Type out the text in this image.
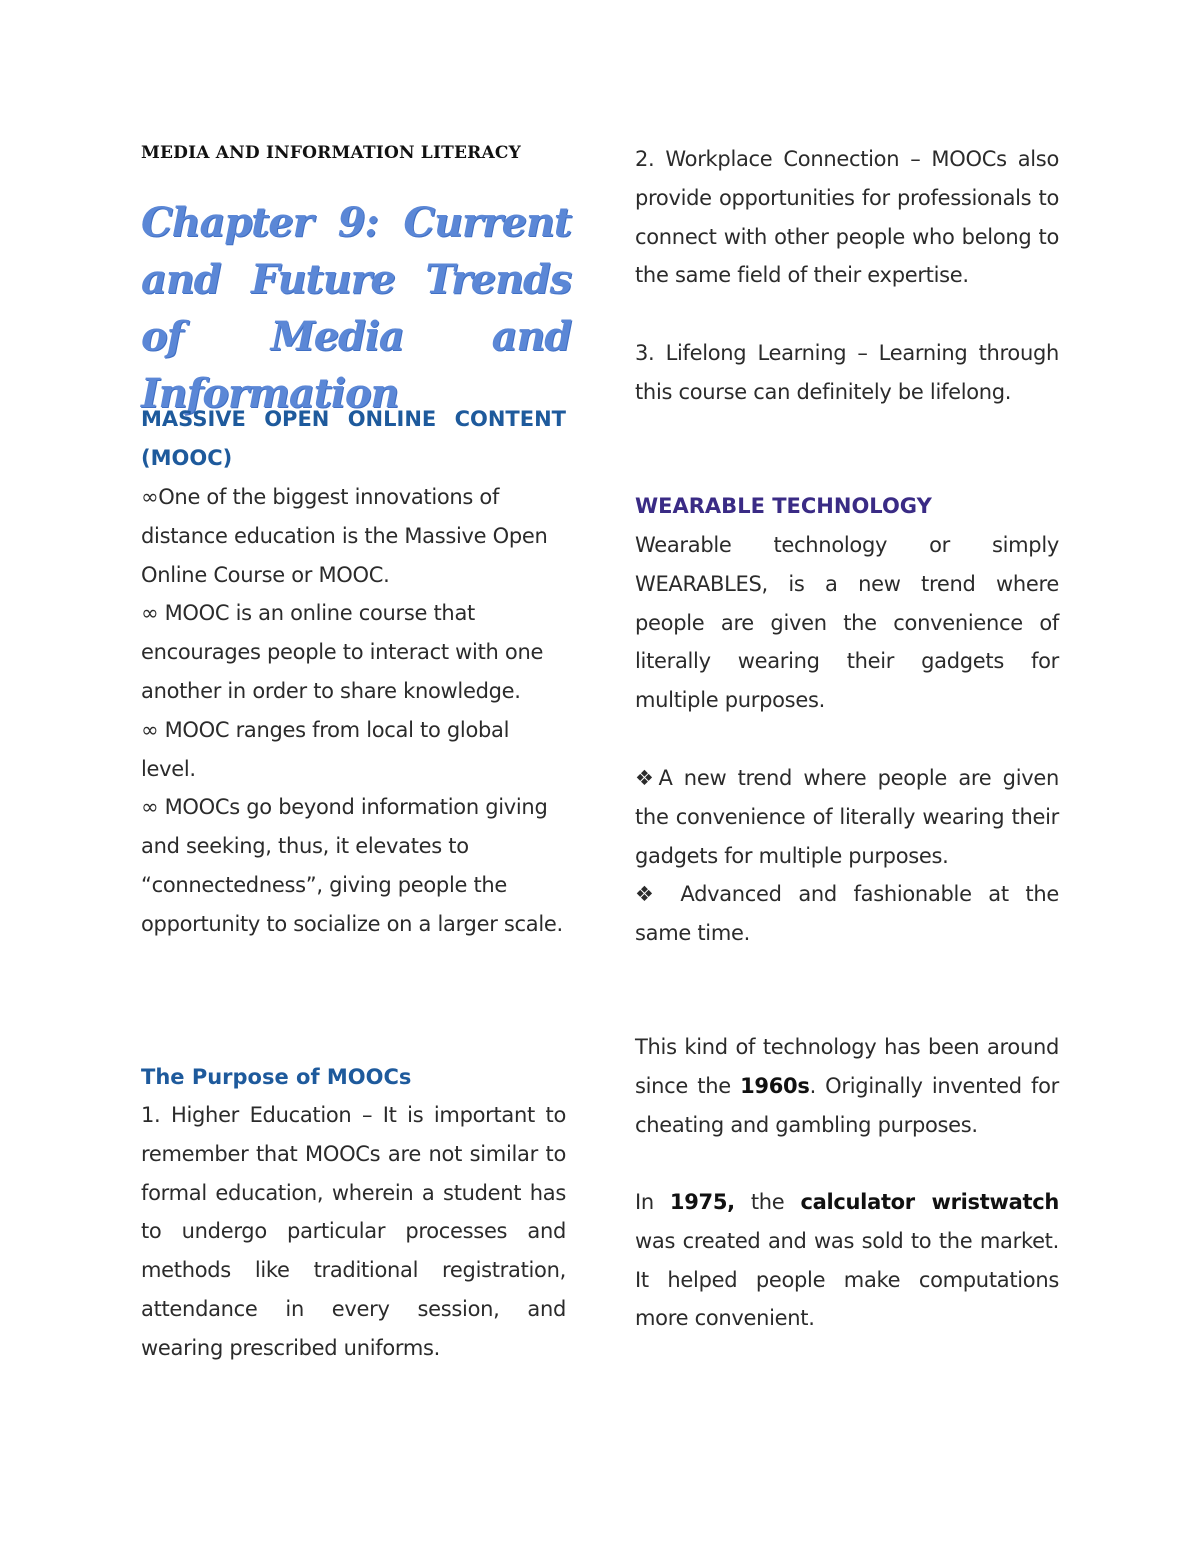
MEDIA AND INFORMATION LITERACY
Chapter 9: Current and Future Trends of Media and Information
MASSIVE OPEN ONLINE CONTENT (MOOC)

∞One of the biggest innovations of distance education is the Massive Open Online Course or MOOC.

∞ MOOC is an online course that encourages people to interact with one another in order to share knowledge.

∞ MOOC ranges from local to global level.

∞ MOOCs go beyond information giving and seeking, thus, it elevates to “connectedness”, giving people the opportunity to socialize on a larger scale.

The Purpose of MOOCs

1. Higher Education – It is important to remember that MOOCs are not similar to formal education, wherein a student has to undergo particular processes and methods like traditional registration, attendance in every session, and wearing prescribed uniforms.

2. Workplace Connection – MOOCs also provide opportunities for professionals to connect with other people who belong to the same field of their expertise.

3. Lifelong Learning – Learning through this course can definitely be lifelong.

WEARABLE TECHNOLOGY

Wearable technology or simply WEARABLES, is a new trend where people are given the convenience of literally wearing their gadgets for multiple purposes.

❖A new trend where people are given the convenience of literally wearing their gadgets for multiple purposes.

❖ Advanced and fashionable at the same time.

This kind of technology has been around since the 1960s. Originally invented for cheating and gambling purposes.

In 1975, the calculator wristwatch was created and was sold to the market. It helped people make computations more convenient.
